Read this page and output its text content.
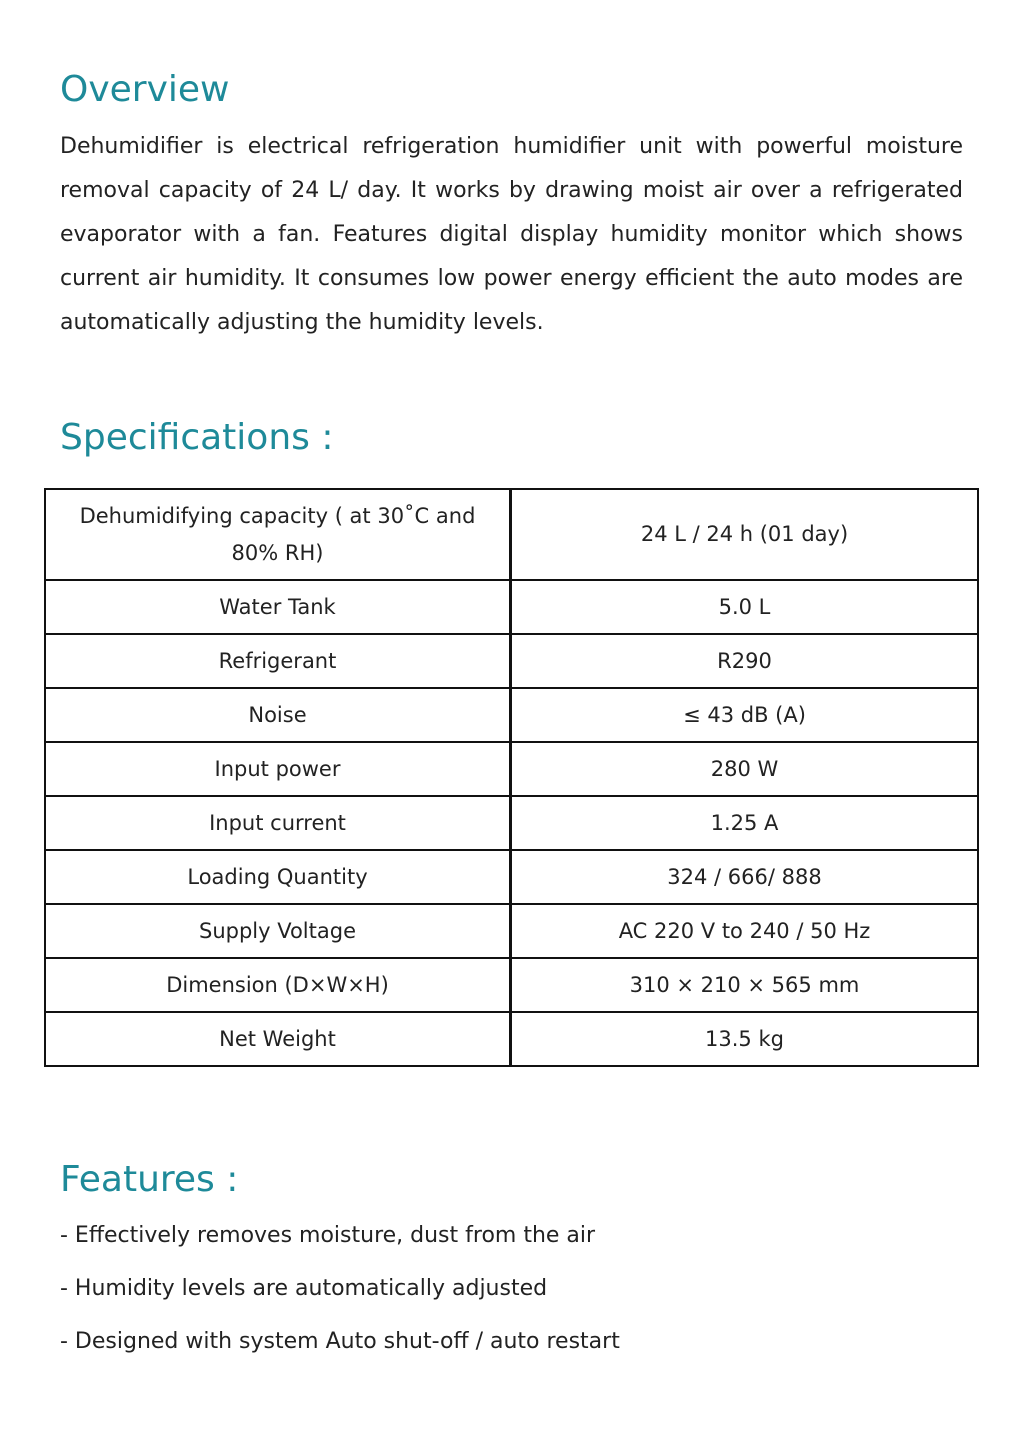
Overview

Dehumidifier is electrical refrigeration humidifier unit with powerful moisture removal capacity of 24 L/ day. It works by drawing moist air over a refrigerated evaporator with a fan. Features digital display humidity monitor which shows current air humidity. It consumes low power energy efficient the auto modes are automatically adjusting the humidity levels.

Specifications :
Dehumidifying capacity ( at 30˚C and 80% RH)	24 L / 24 h (01 day)
Water Tank	5.0 L
Refrigerant	R290
Noise	≤ 43 dB (A)
Input power	280 W
Input current	1.25 A
Loading Quantity	324 / 666/ 888
Supply Voltage	AC 220 V to 240 / 50 Hz
Dimension (D×W×H)	310 × 210 × 565 mm
Net Weight	13.5 kg
Features :
- Effectively removes moisture, dust from the air
- Humidity levels are automatically adjusted
- Designed with system Auto shut-off / auto restart
